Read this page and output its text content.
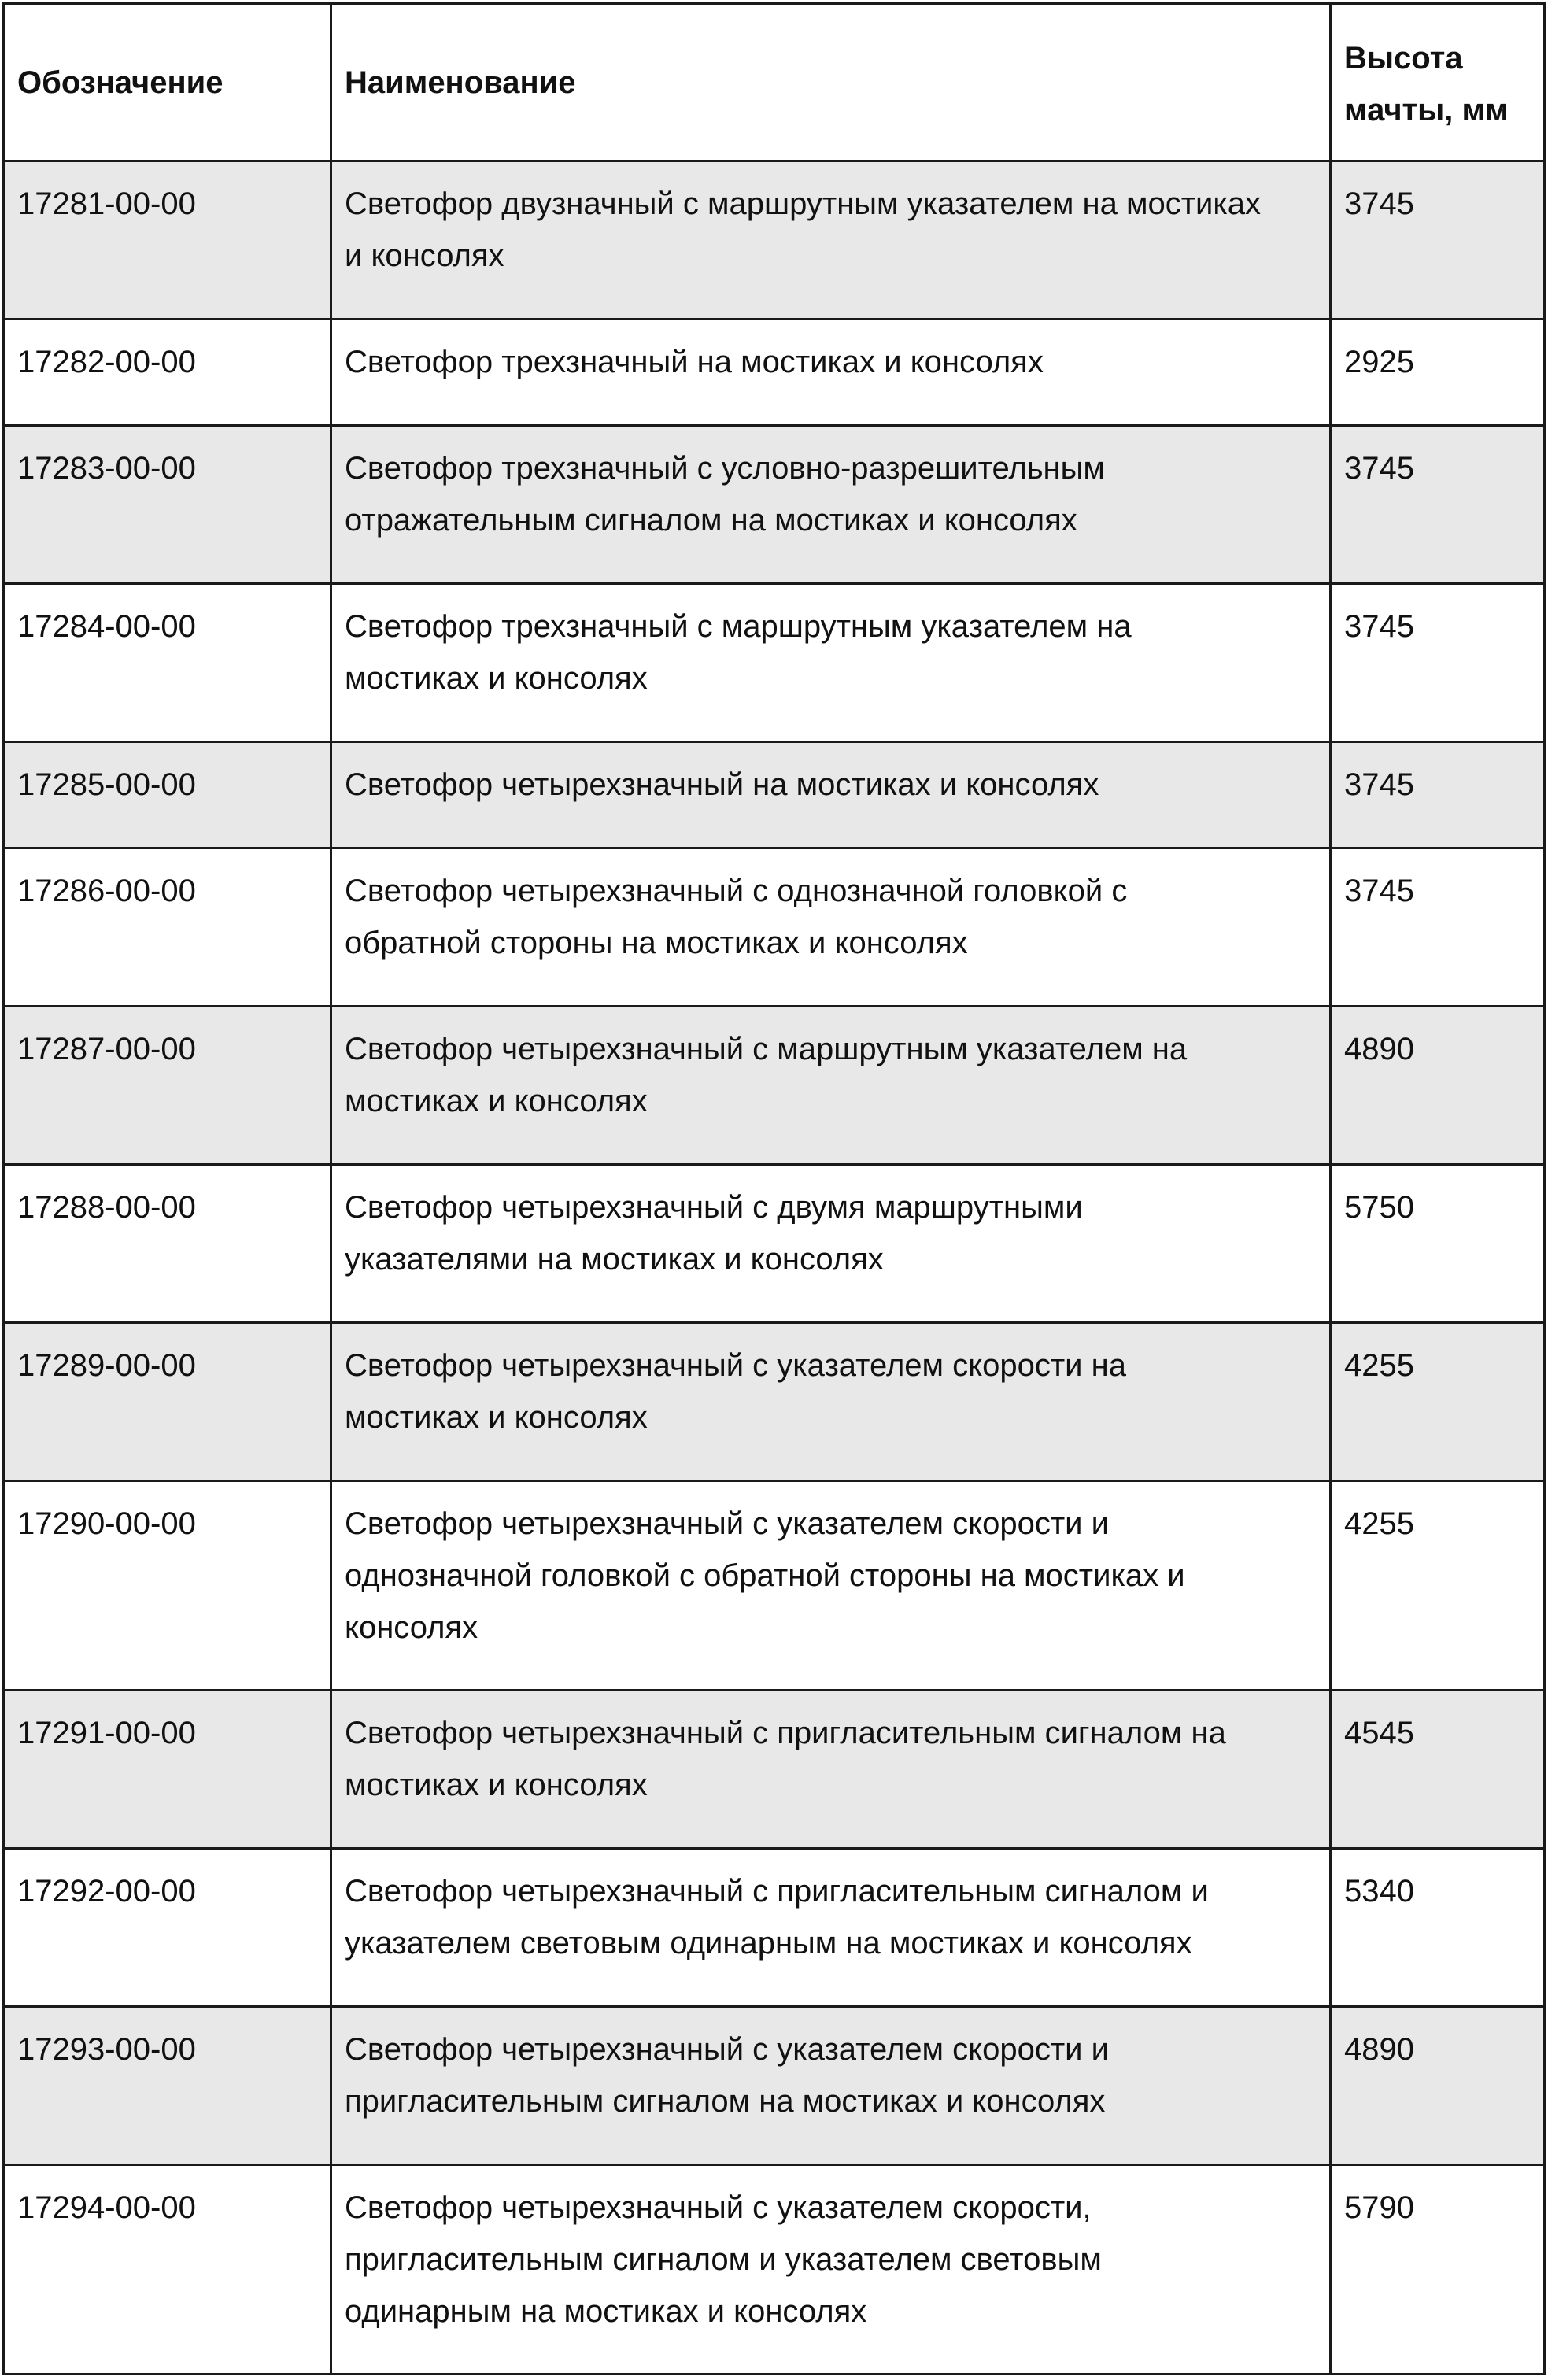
Обозначение	Наименование	Высота
мачты, мм

17281-00-00	Светофор двузначный с маршрутным указателем на мостиках
и консолях	3745
17282-00-00	Светофор трехзначный на мостиках и консолях	2925
17283-00-00	Светофор трехзначный с условно-разрешительным
отражательным сигналом на мостиках и консолях	3745
17284-00-00	Светофор трехзначный с маршрутным указателем на
мостиках и консолях	3745
17285-00-00	Светофор четырехзначный на мостиках и консолях	3745
17286-00-00	Светофор четырехзначный с однозначной головкой с
обратной стороны на мостиках и консолях	3745
17287-00-00	Светофор четырехзначный с маршрутным указателем на
мостиках и консолях	4890
17288-00-00	Светофор четырехзначный с двумя маршрутными
указателями на мостиках и консолях	5750
17289-00-00	Светофор четырехзначный с указателем скорости на
мостиках и консолях	4255
17290-00-00	Светофор четырехзначный с указателем скорости и
однозначной головкой с обратной стороны на мостиках и
консолях	4255
17291-00-00	Светофор четырехзначный с пригласительным сигналом на
мостиках и консолях	4545
17292-00-00	Светофор четырехзначный с пригласительным сигналом и
указателем световым одинарным на мостиках и консолях	5340
17293-00-00	Светофор четырехзначный с указателем скорости и
пригласительным сигналом на мостиках и консолях	4890
17294-00-00	Светофор четырехзначный с указателем скорости,
пригласительным сигналом и указателем световым
одинарным на мостиках и консолях	5790
